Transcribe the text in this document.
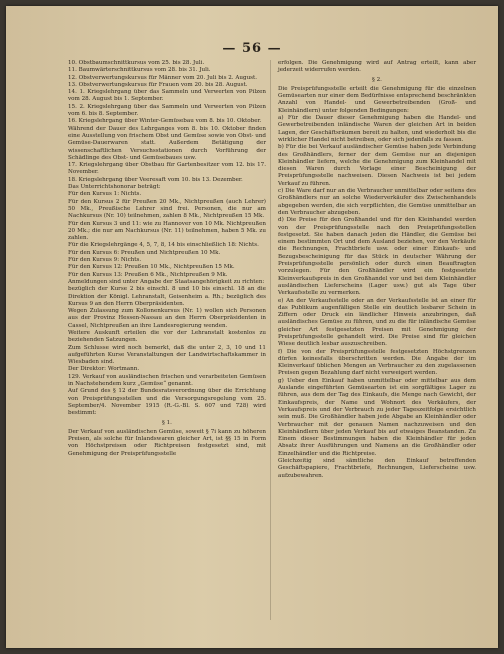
— 56 —

10. Obstbaumschnittkursus vom 25. bis 28. Juli.

11. Baumwärterschnittkursus vom 28. bis 31. Juli.

12. Obstverwertungskursus für Männer vom 20. Juli bis 2. August.

13. Obstverwertungskursus für Frauen vom 20. bis 28. August.

14. 1. Kriegslehrgang über das Sammeln und Verwerten von Pilzen vom 28. August bis 1. September.

15. 2. Kriegslehrgang über das Sammeln und Verwerten von Pilzen vom 6. bis 8. September.

16. Kriegslehrgang über Winter-Gemüsebau vom 8. bis 10. Oktober.

Während der Dauer des Lehrganges vom 8. bis 10. Oktober finden eine Ausstellung von frischem Obst und Gemüse sowie von Obst- und Gemüse-Dauerwaren statt. Außerdem Betätigung der wissenschaftlichen Versuchsstationen durch Vorführung der Schädlinge des Obst- und Gemüsebaues usw.

17. Kriegslehrgang über Obstbau für Gartenbesitzer vom 12. bis 17. November.

18. Kriegslehrgang über Veeresaft vom 10. bis 13. Dezember.

Das Unterrichtshonorar beträgt:

Für den Kursus 1: Nichts.

Für den Kursus 2 für Preußen 20 Mk., Nichtpreußen (auch Lehrer) 50 Mk., Preußische Lehrer sind frei. Personen, die nur am Nachkursus (Nr. 10) teilnehmen, zahlen 8 Mk., Nichtpreußen 15 Mk.

Für den Kursus 3 und 11: wie zu Hannover von 10 Mk. Nichtpreußen 20 Mk.; die nur am Nachkursus (Nr. 11) teilnehmen, haben 5 Mk. zu zahlen.

Für die Kriegslehrgänge 4, 5, 7, 8, 14 bis einschließlich 18: Nichts.

Für den Kursus 6: Preußen und Nichtpreußen 10 Mk.

Für den Kursus 9: Nichts.

Für den Kursus 12: Preußen 10 Mk., Nichtpreußen 15 Mk.

Für den Kursus 13: Preußen 6 Mk., Nichtpreußen 9 Mk.

Anmeldungen sind unter Angabe der Staatsangehörigkeit zu richten:

bezüglich der Kurse 2 bis einschl. 8 und 10 bis einschl. 18 an die Direktion der Königl. Lehranstalt, Geisenheim a. Rh.; bezüglich des Kursus 9 an den Herrn Oberpräsidenten.

Wegen Zulassung zum Kollonenkursus (Nr. 1) wollen sich Personen aus der Provinz Hessen-Nassau an den Herrn Oberpräsidenten in Cassel, Nichtpreußen an ihre Landesregierung wenden.

Weitere Auskunft erteilen die vor der Lehranstalt kostenlos zu beziehenden Satzungen.

Zum Schlusse wird noch bemerkt, daß die unter 2, 3, 10 und 11 aufgeführten Kurse Veranstaltungen der Landwirtschaftskammer in Wiesbaden sind.

Der Direktor: Wortmann.

129. Verkauf von ausländischen frischen und verarbeiteten Gemüsen in Nachstehendem kurz „Gemüse“ genannt.

Auf Grund des § 12 der Bundesratsverordnung über die Errichtung von Preisprüfungsstellen und die Versorgungsregelung vom 25. September/4. November 1915 (R.-G.-Bl. S. 607 und 728) wird bestimmt:

§ 1.

Der Verkauf von ausländischen Gemüse, soweit § 7i kann zu höheren Preisen, als solche für Inlandswaren gleicher Art, ist §§ 15 in Form von Höchstpreisen oder Richtpreisen festgesetzt sind, mit Genehmigung der Preisprüfungsstelle

erfolgen. Die Genehmigung wird auf Antrag erteilt, kann aber jederzeit widerrufen werden.

§ 2.

Die Preisprüfungsstelle erteilt die Genehmigung für die einzelnen Gemüsearten nur einer dem Bedürfnisse entsprechend beschränkten Anzahl von Handel- und Gewerbetreibenden (Groß- und Kleinhändlern) unter folgenden Bedingungen:

a) Für die Dauer dieser Genehmigung haben die Handel- und Gewerbetreibenden inländische Waren der gleichen Art in beiden Lagen, der Geschäftsräumen bereit zu halten, und wiederholt bis die wirklicher Handel nicht betreiben, oder sich jedenfalls zu fassen.

b) Für die bei Verkauf ausländischer Gemüse haben jede Verbindung des Großhändlers, ferner der dem Gemüse nur an diejenigen Kleinhändler liefern, welche die Genehmigung zum Kleinhandel mit diesen Waren durch Vorlage einer Bescheinigung der Preisprüfungsstelle nachweisen. Diesen Nachweis ist bei jedem Verkauf zu führen.

c) Die Ware darf nur an die Verbraucher unmittelbar oder seitens des Großhändlers nur an solche Wiederverkäufer des Zwischenhandels abgegeben werden, die sich verpflichten, die Gemüse unmittelbar an den Verbraucher abzugeben.

d) Die Preise für den Großhandel und für den Kleinhandel werden von der Preisprüfungsstelle nach den Preisprüfungsstellen festgesetzt. Sie haben danach jeden die Händler, die Gemüse bei einem bestimmten Ort und dem Ausland beziehen, vor den Verkäufe die Rechnungen, Frachtbriefe usw. oder einer Einkaufs- und Bezugsbescheinigung für das Stück in deutscher Währung der Preisprüfungsstelle persönlich oder durch einen Beauftragten vorzulegen. Für den Großhändler wird ein festgesetzte Kleinverkaufspreis in den Großhandel vor und bei dem Kleinhändler ausländischen Lieferscheins (Lager usw.) gut als Tage über Verkaufsstelle zu vermerken.

e) An der Verkaufsstelle oder an der Verkaufsstelle ist an einer für das Publikum augenfälligen Stelle ein deutlich lesbarer Schein in Ziffern oder Druck ein ländlicher Hinweis anzubringen, daß ausländisches Gemüse zu führen, und zu die für inländische Gemüse gleicher Art festgesetzten Preisen mit Genehmigung der Preisprüfungsstelle gehandelt wird. Die Preise sind für gleichen Wiese deutlich lesbar auszuschreiben.

f) Die von der Preisprüfungsstelle festgesetzten Höchstgrenzen dürfen keinesfalls überschritten werden. Die Angabe der im Kleinverkauf üblichen Mengen an Verbraucher zu den zugelassenen Preisen gegen Bezahlung darf nicht verweigert werden.

g) Ueber den Einkauf haben unmittelbar oder mittelbar aus dem Auslande eingeführten Gemüsearten ist ein sorgfältiges Lager zu führen, aus dem der Tag des Einkaufs, die Menge nach Gewicht, der Einkaufspreis, der Name und Wohnort des Verkäufers, der Verkaufspreis und der Verbrauch zu jeder Tageszeitfolge ersichtlich sein muß. Die Großhändler haben jede Abgabe an Kleinhändler oder Verbraucher mit der genauen Namen nachzuweisen und den Kleinhändlern über jeden Verkauf bis auf etwaiges Beanstanden. Zu Einem dieser Bestimmungen haben die Kleinhändler für jeden Absatz ihrer Ausführungen und Namens an die Großhändler oder Einzelhändler und die Richtpreise.

Gleichzeitig sind sämtliche den Einkauf betreffenden Geschäftspapiere, Frachtbriefe, Rechnungen, Lieferscheine usw. aufzubewahren.
